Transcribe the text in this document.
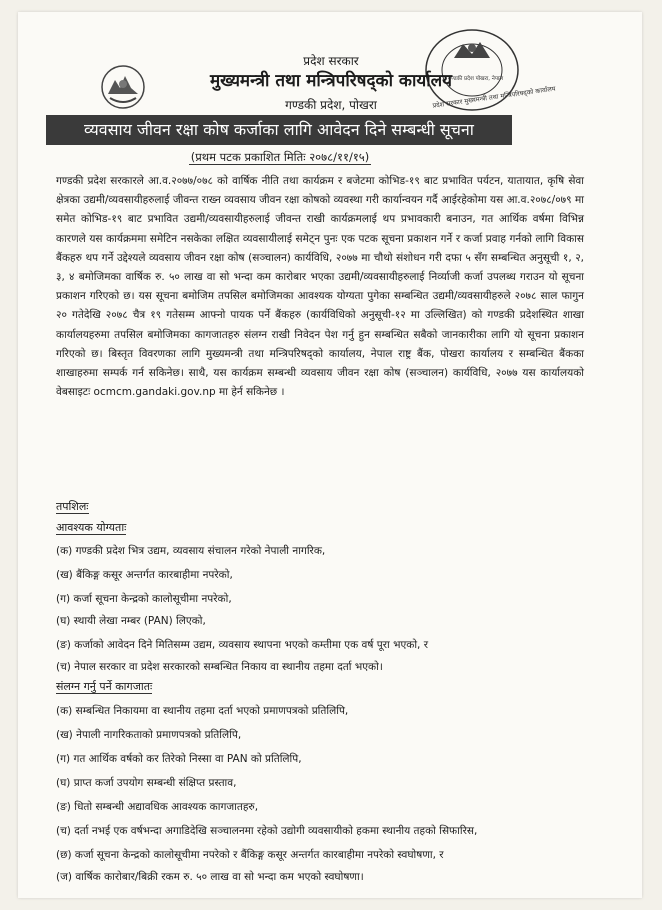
प्रदेश सरकार मुख्यमन्त्री तथा मन्त्रिपरिषद्को कार्यालय
गण्डकी प्रदेश पोखरा, नेपाल
प्रदेश सरकार
मुख्यमन्त्री तथा मन्त्रिपरिषद्को कार्यालय
गण्डकी प्रदेश, पोखरा
व्यवसाय जीवन रक्षा कोष कर्जाका लागि आवेदन दिने सम्बन्धी सूचना
(प्रथम पटक प्रकाशित मितिः २०७८/११/१५)
गण्डकी प्रदेश सरकारले आ.व.२०७७/०७८ को वार्षिक नीति तथा कार्यक्रम र बजेटमा कोभिड-१९ बाट प्रभावित पर्यटन, यातायात, कृषि सेवा क्षेत्रका उद्यमी/व्यवसायीहरुलाई जीवन्त राख्न व्यवसाय जीवन रक्षा कोषको व्यवस्था गरी कार्यान्वयन गर्दै आईरहेकोमा यस आ.व.२०७८/०७९ मा समेत कोभिड-१९ बाट प्रभावित उद्यमी/व्यवसायीहरुलाई जीवन्त राखी कार्यक्रमलाई थप प्रभावकारी बनाउन, गत आर्थिक वर्षमा विभिन्न कारणले यस कार्यक्रममा समेटिन नसकेका लक्षित व्यवसायीलाई समेट्न पुनः एक पटक सूचना प्रकाशन गर्ने र कर्जा प्रवाह गर्नको लागि विकास बैंकहरु थप गर्ने उद्देश्यले व्यवसाय जीवन रक्षा कोष (सञ्चालन) कार्यविधि, २०७७ मा चौथो संशोधन गरी दफा ५ सँग सम्बन्धित अनुसूची १, २, ३, ४ बमोजिमका वार्षिक रु. ५० लाख वा सो भन्दा कम कारोबार भएका उद्यमी/व्यवसायीहरुलाई निर्व्याजी कर्जा उपलब्ध गराउन यो सूचना प्रकाशन गरिएको छ। यस सूचना बमोजिम तपसिल बमोजिमका आवश्यक योग्यता पुगेका सम्बन्धित उद्यमी/व्यवसायीहरुले २०७८ साल फागुन २० गतेदेखि २०७८ चैत्र १९ गतेसम्म आफ्नो पायक पर्ने बैंकहरु (कार्यविधिको अनुसूची-१२ मा उल्लिखित) को गण्डकी प्रदेशस्थित शाखा कार्यालयहरुमा तपसिल बमोजिमका कागजातहरु संलग्न राखी निवेदन पेश गर्नु हुन सम्बन्धित सबैको जानकारीका लागि यो सूचना प्रकाशन गरिएको छ। बिस्तृत विवरणका लागि मुख्यमन्त्री तथा मन्त्रिपरिषद्को कार्यालय, नेपाल राष्ट्र बैंक, पोखरा कार्यालय र सम्बन्धित बैंकका शाखाहरुमा सम्पर्क गर्न सकिनेछ। साथै, यस कार्यक्रम सम्बन्धी व्यवसाय जीवन रक्षा कोष (सञ्चालन) कार्यविधि, २०७७ यस कार्यालयको वेबसाइटः ocmcm.gandaki.gov.np मा हेर्न सकिनेछ ।
तपशिलः
आवश्यक योग्यताः
(क) गण्डकी प्रदेश भित्र उद्यम, व्यवसाय संचालन गरेको नेपाली नागरिक,
(ख) बैंकिङ्ग कसूर अन्तर्गत कारबाहीमा नपरेको,
(ग) कर्जा सूचना केन्द्रको कालोसूचीमा नपरेको,
(घ) स्थायी लेखा नम्बर (PAN) लिएको,
(ङ) कर्जाको आवेदन दिने मितिसम्म उद्यम, व्यवसाय स्थापना भएको कम्तीमा एक वर्ष पूरा भएको, र
(च) नेपाल सरकार वा प्रदेश सरकारको सम्बन्धित निकाय वा स्थानीय तहमा दर्ता भएको।
संलग्न गर्नु पर्ने कागजातः
(क) सम्बन्धित निकायमा वा स्थानीय तहमा दर्ता भएको प्रमाणपत्रको प्रतिलिपि,
(ख) नेपाली नागरिकताको प्रमाणपत्रको प्रतिलिपि,
(ग) गत आर्थिक वर्षको कर तिरेको निस्सा वा PAN को प्रतिलिपि,
(घ) प्राप्त कर्जा उपयोग सम्बन्धी संक्षिप्त प्रस्ताव,
(ङ) धितो सम्बन्धी अद्यावधिक आवश्यक कागजातहरु,
(च) दर्ता नभई एक वर्षभन्दा अगाडिदेखि सञ्चालनमा रहेको उद्योगी व्यवसायीको हकमा स्थानीय तहको सिफारिस,
(छ) कर्जा सूचना केन्द्रको कालोसूचीमा नपरेको र बैंकिङ्ग कसूर अन्तर्गत कारबाहीमा नपरेको स्वघोषणा, र
(ज) वार्षिक कारोबार/बिक्री रकम रु. ५० लाख वा सो भन्दा कम भएको स्वघोषणा।
